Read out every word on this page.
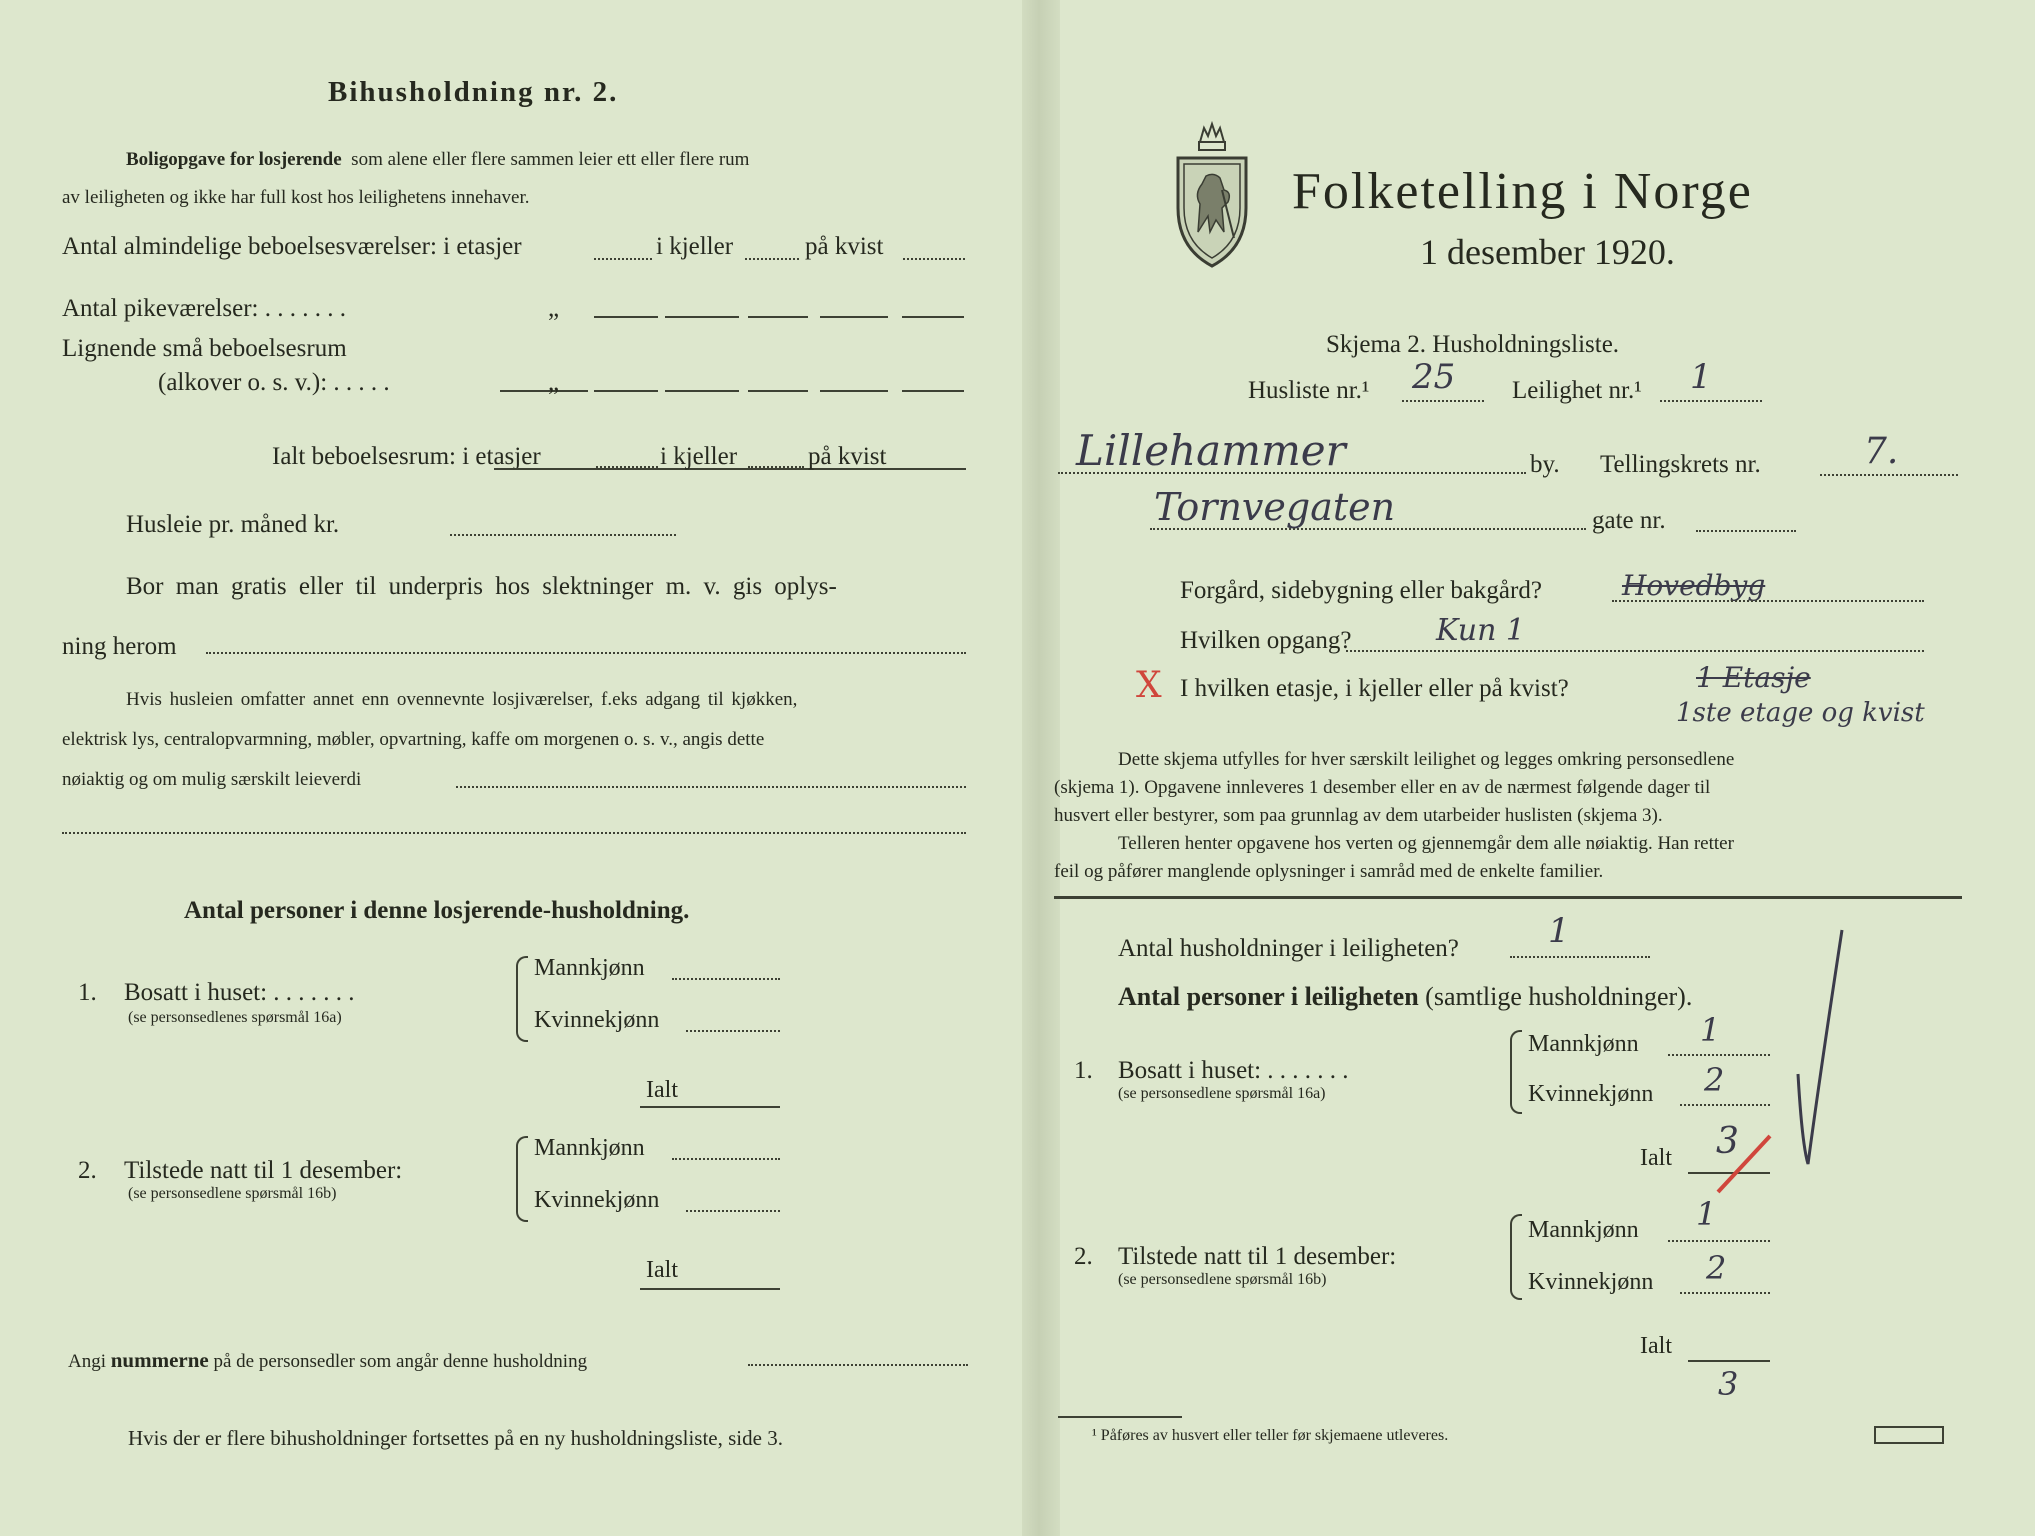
Bihusholdning nr. 2.
Boligopgave for losjerende som alene eller flere sammen leier ett eller flere rum
av leiligheten og ikke har full kost hos leilighetens innehaver.
Antal almindelige beboelsesværelser: i etasjer	i kjeller	på kvist
Antal pikeværelser: . . . . . . .	„
Lignende små beboelsesrum
(alkover o. s. v.): . . . . .	„
Ialt beboelsesrum: i etasjer	i kjeller	på kvist
Husleie pr. måned kr.
Bor man gratis eller til underpris hos slektninger m. v. gis oplys-
ning herom
Hvis husleien omfatter annet enn ovennevnte losjiværelser, f.eks adgang til kjøkken,
elektrisk lys, centralopvarmning, møbler, opvartning, kaffe om morgenen o. s. v., angis dette
nøiaktig og om mulig særskilt leieverdi
Antal personer i denne losjerende-husholdning.
1. Bosatt i huset: . . . . . . .
(se personsedlenes spørsmål 16a)
Mannkjønn
Kvinnekjønn
Ialt
2. Tilstede natt til 1 desember:
(se personsedlene spørsmål 16b)
Mannkjønn
Kvinnekjønn
Ialt
Angi nummerne på de personsedler som angår denne husholdning
Hvis der er flere bihusholdninger fortsettes på en ny husholdningsliste, side 3.
Folketelling i Norge
1 desember 1920.
Skjema 2. Husholdningsliste.
Husliste nr.¹ 25 Leilighet nr.¹ 1
Lillehammer	by. Tellingskrets nr.	7.
Tornvegaten	gate nr.
Forgård, sidebygning eller bakgård?	Hovedbyg
Hvilken opgang?	Kun 1
X I hvilken etasje, i kjeller eller på kvist?	1 Etasje
1ste etage og kvist
Dette skjema utfylles for hver særskilt leilighet og legges omkring personsedlene
(skjema 1). Opgavene innleveres 1 desember eller en av de nærmest følgende dager til
husvert eller bestyrer, som paa grunnlag av dem utarbeider huslisten (skjema 3).
Telleren henter opgavene hos verten og gjennemgår dem alle nøiaktig. Han retter
feil og påfører manglende oplysninger i samråd med de enkelte familier.
Antal husholdninger i leiligheten?	1
Antal personer i leiligheten (samtlige husholdninger).
1. Bosatt i huset: . . . . . . .
(se personsedlene spørsmål 16a)
Mannkjønn 1
Kvinnekjønn 2
Ialt 3
2. Tilstede natt til 1 desember:
(se personsedlene spørsmål 16b)
Mannkjønn 1
Kvinnekjønn 2
Ialt
3
¹ Påføres av husvert eller teller før skjemaene utleveres.
